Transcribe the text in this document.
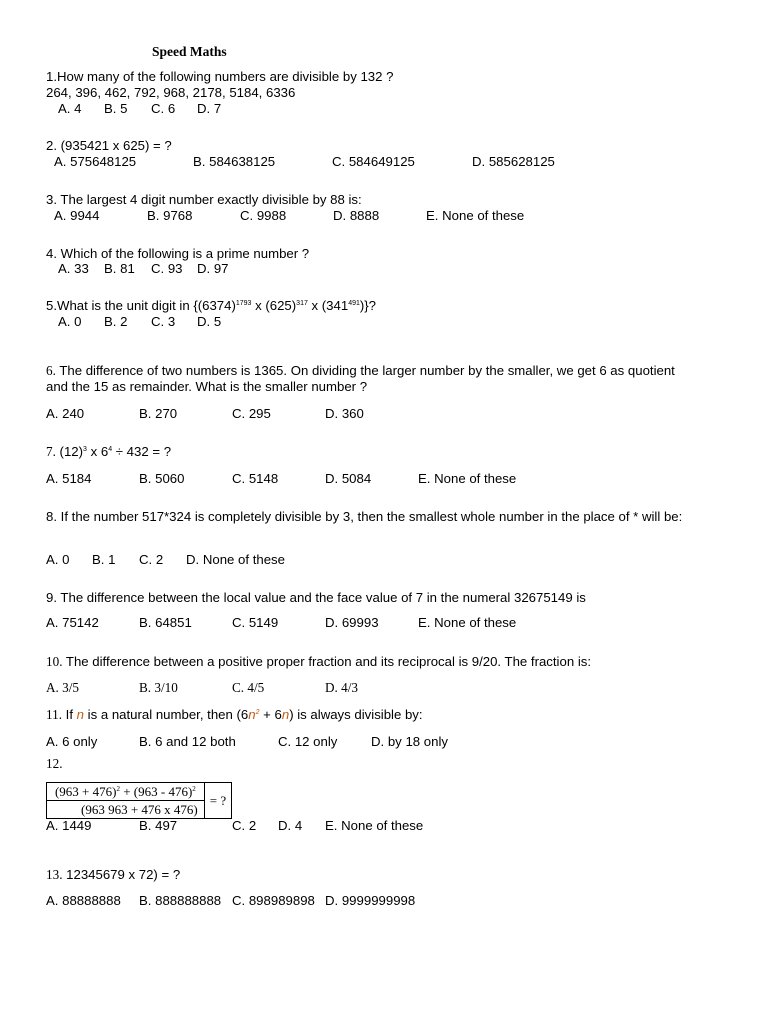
Speed Maths
1.How many of the following numbers are divisible by 132 ?
264, 396, 462, 792, 968, 2178, 5184, 6336
A. 4 B. 5 C. 6 D. 7
2. (935421 x 625) = ?
A. 575648125	B. 584638125	C. 584649125	D. 585628125
3. The largest 4 digit number exactly divisible by 88 is:
A. 9944	B. 9768	C. 9988	D. 8888	E. None of these
4. Which of the following is a prime number ?
A. 33 B. 81 C. 93 D. 97
5.What is the unit digit in {$(6374)^{1793}$ x $(625)^{317}$ x $(341^{491})$}?
A. 0 B. 2 C. 3 D. 5
6. The difference of two numbers is 1365. On dividing the larger number by the smaller, we get 6 as quotient and the 15 as remainder. What is the smaller number ?
A. 240	B. 270	C. 295	D. 360
7. $(12)^3$ x $6^4 \div 432$ = ?
A. 5184	B. 5060	C. 5148	D. 5084	E. None of these
8. If the number 517*324 is completely divisible by 3, then the smallest whole number in the place of * will be:
A. 0 B. 1 C. 2 D. None of these
9. The difference between the local value and the face value of 7 in the numeral 32675149 is
A. 75142	B. 64851	C. 5149	D. 69993	E. None of these
10. The difference between a positive proper fraction and its reciprocal is 9/20. The fraction is:
A. 3/5	B. 3/10	C. 4/5	D. 4/3
11. If n is a natural number, then $(6n^2 + 6n)$ is always divisible by:
A. 6 only	B. 6 and 12 both	C. 12 only	D. by 18 only
12.
$(963 + 476)^2 + (963 - 476)^2$	= ?
(963 963 + 476 x 476)
A. 1449	B. 497	C. 2 D. 4 E. None of these
13. 12345679 x 72) = ?
A. 88888888 B. 888888888 C. 898989898 D. 9999999998
